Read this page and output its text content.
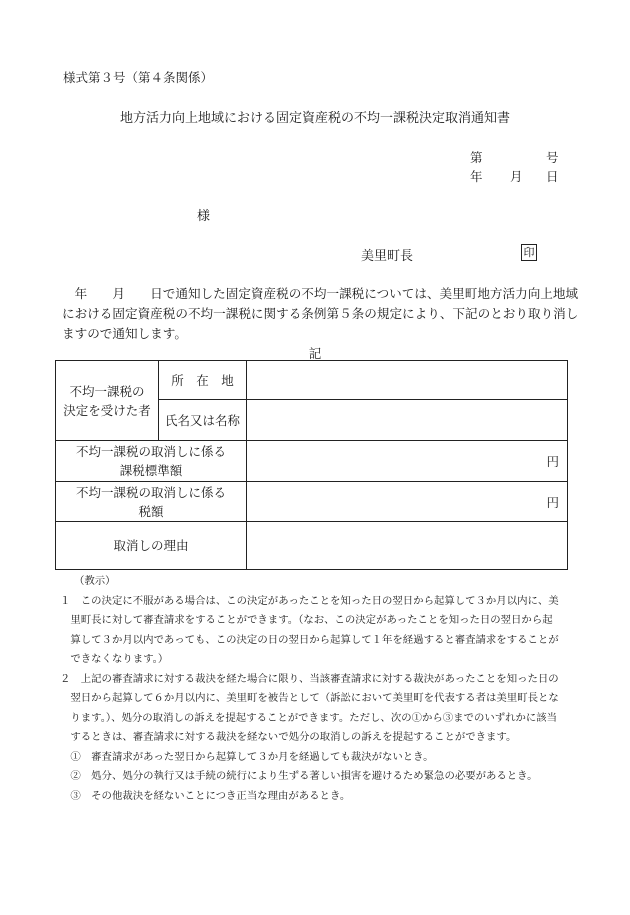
様式第３号（第４条関係）
地方活力向上地域における固定資産税の不均一課税決定取消通知書
第	号
年 月 日
様
美里町長	印
　年　　月　　日で通知した固定資産税の不均一課税については、美里町地方活力向上地域
における固定資産税の不均一課税に関する条例第５条の規定により、下記のとおり取り消し
ますので通知します。
記
不均一課税の
決定を受けた者	所　在　地	
	氏名又は名称	

不均一課税の取消しに係る
課税標準額		円

不均一課税の取消しに係る
税額		円
取消しの理由		
（教示）
１　この決定に不服がある場合は、この決定があったことを知った日の翌日から起算して３か月以内に、美
　里町長に対して審査請求をすることができます。（なお、この決定があったことを知った日の翌日から起
　算して３か月以内であっても、この決定の日の翌日から起算して１年を経過すると審査請求をすることが
　できなくなります。）
２　上記の審査請求に対する裁決を経た場合に限り、当該審査請求に対する裁決があったことを知った日の
　翌日から起算して６か月以内に、美里町を被告として（訴訟において美里町を代表する者は美里町長とな
　ります。）、処分の取消しの訴えを提起することができます。ただし、次の①から③までのいずれかに該当
　するときは、審査請求に対する裁決を経ないで処分の取消しの訴えを提起することができます。
　①　審査請求があった翌日から起算して３か月を経過しても裁決がないとき。
　②　処分、処分の執行又は手続の続行により生ずる著しい損害を避けるため緊急の必要があるとき。
　③　その他裁決を経ないことにつき正当な理由があるとき。
